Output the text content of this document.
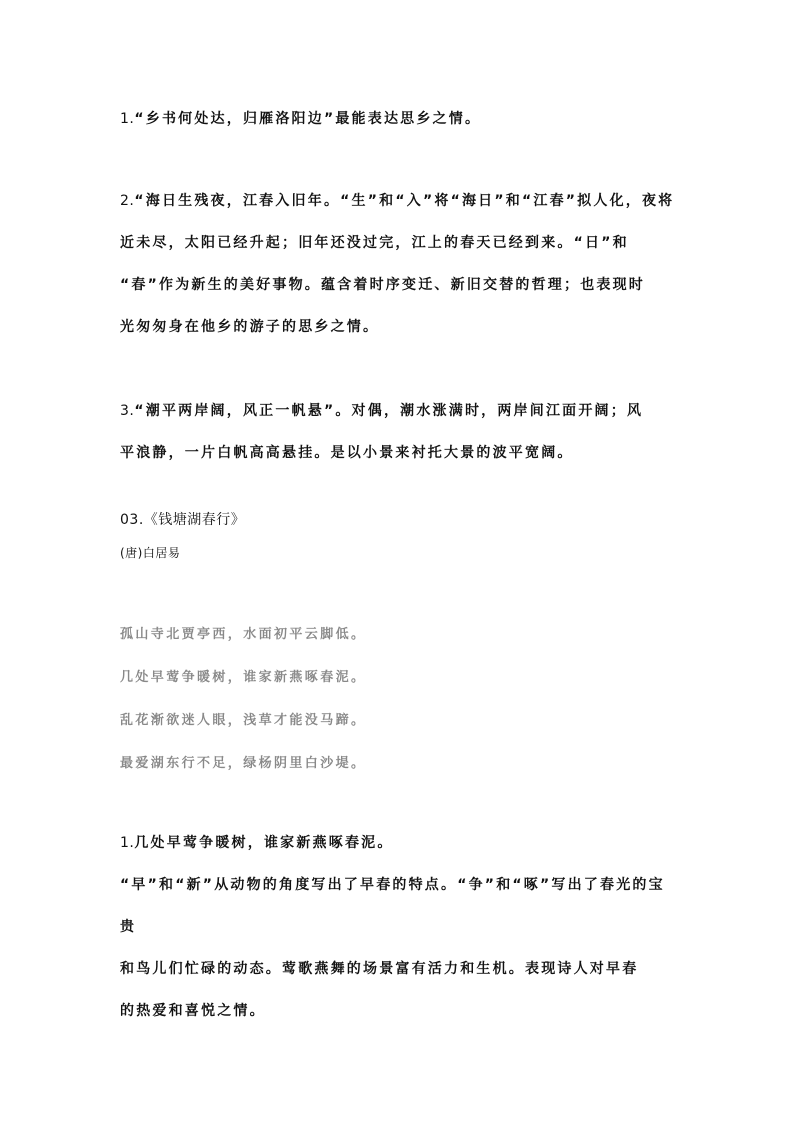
1.“乡书何处达，归雁洛阳边”最能表达思乡之情。

2.“海日生残夜，江春入旧年。“生”和“入”将“海日”和“江春”拟人化，夜将

近未尽，太阳已经升起；旧年还没过完，江上的春天已经到来。“日”和

“春”作为新生的美好事物。蕴含着时序变迁、新旧交替的哲理；也表现时

光匆匆身在他乡的游子的思乡之情。

3.“潮平两岸阔，风正一帆悬”。对偶，潮水涨满时，两岸间江面开阔；风

平浪静，一片白帆高高悬挂。是以小景来衬托大景的波平宽阔。

03.《钱塘湖春行》

(唐)白居易

孤山寺北贾亭西，水面初平云脚低。

几处早莺争暖树，谁家新燕啄春泥。

乱花渐欲迷人眼，浅草才能没马蹄。

最爱湖东行不足，绿杨阴里白沙堤。

1.几处早莺争暖树，谁家新燕啄春泥。

“早”和“新”从动物的角度写出了早春的特点。“争”和“啄”写出了春光的宝贵

和鸟儿们忙碌的动态。莺歌燕舞的场景富有活力和生机。表现诗人对早春

的热爱和喜悦之情。
